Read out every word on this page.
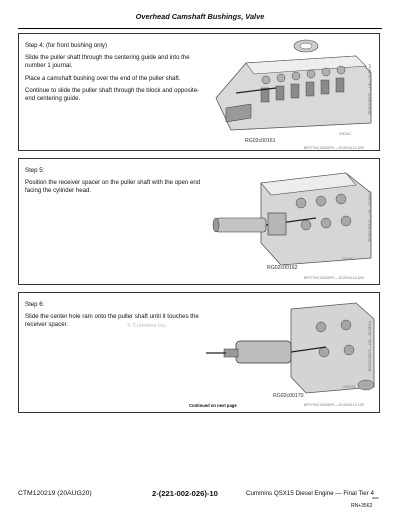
Overhead Camshaft Bushings, Valve

Step 4: (for front bushing only)

Slide the puller shaft through the centering guide and into the number 1 journal.

Place a camshaft bushing over the end of the puller shaft.

Continue to slide the puller shaft through the block and opposite-end centering guide.

RG02c00161
G00161
BFR776G.0003AF9 —19-09JUL14-3/20
RG02C00161 —UN—26JUN14

Step 5:

Position the receiver spacer on the puller shaft with the open end facing the cylinder head.

RG02c00162
G00162
BFR776G.0003AF9 —19-09JUL14-3/20
RG02C00162 —UN—26JUN14

Step 6:

Slide the center hole ram onto the puller shaft until it touches the receiver spacer.	© Cummins Inc.
RG02c00170
G00170
BFR776G.0003AF9 —19-09JUL14-7/20
RG02C00170 —UN—26JUN14
Continued on next page
CTM120219 (20AUG20)	2-(221-002-026)-10	Cummins QSX15 Diesel Engine — Final Tier 4
0000
RN+3562
